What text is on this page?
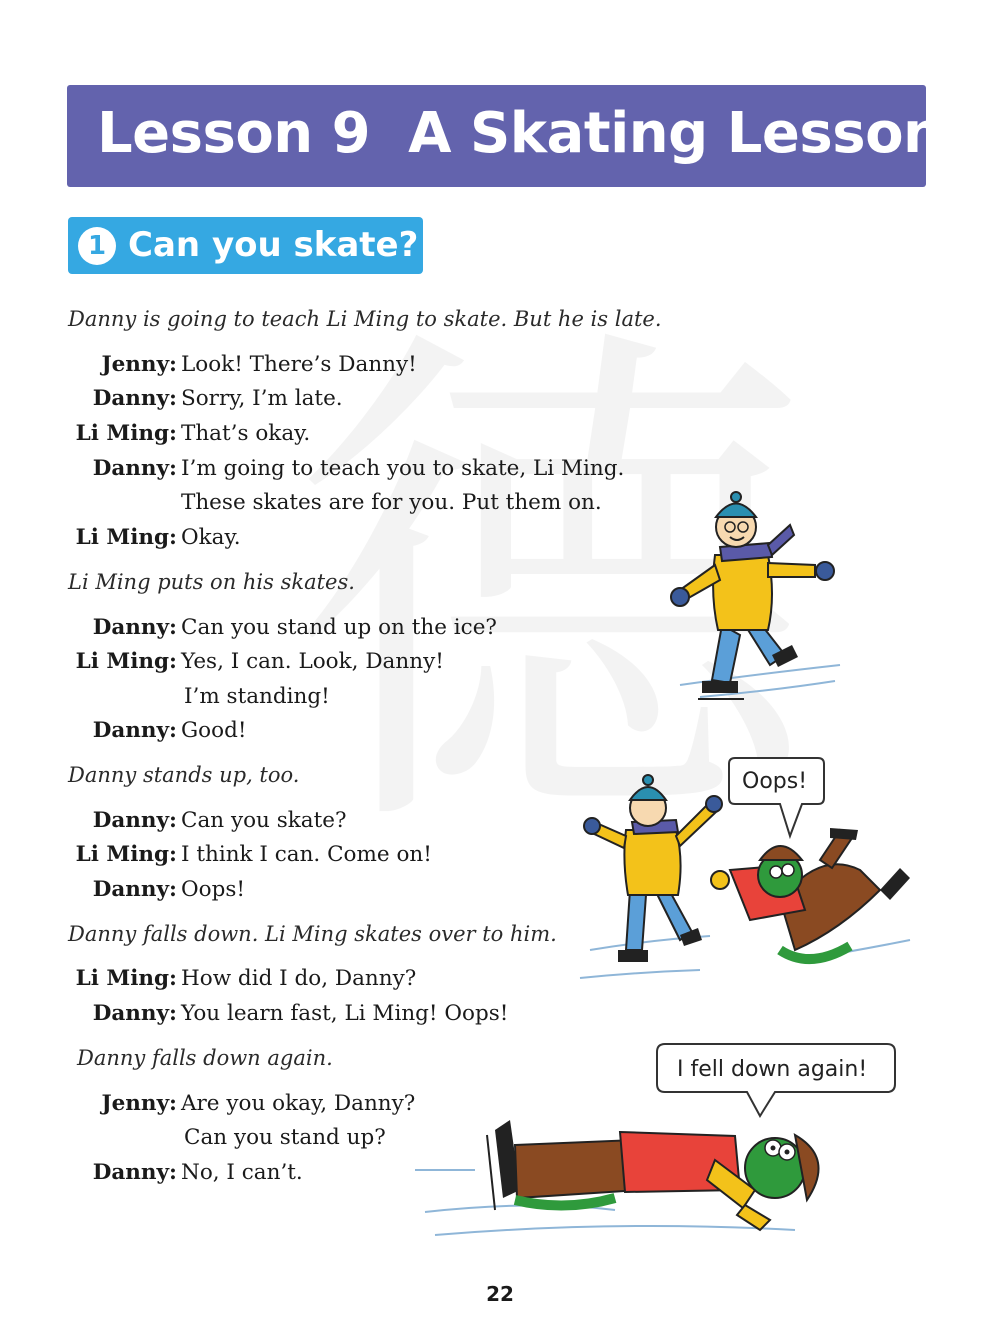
Lesson 9  A Skating Lesson
1 Can you skate?
Danny is going to teach Li Ming to skate. But he is late.
Li Ming puts on his skates.
Danny stands up, too.
Danny falls down. Li Ming skates over to him.
Danny falls down again.
Jenny: Look! There’s Danny!
Danny: Sorry, I’m late.
Li Ming: That’s okay.
Danny: I’m going to teach you to skate, Li Ming.
These skates are for you. Put them on.
Li Ming: Okay.
Danny: Can you stand up on the ice?
Li Ming: Yes, I can. Look, Danny!
I’m standing!
Danny: Good!
Danny: Can you skate?
Li Ming: I think I can. Come on!
Danny: Oops!
Li Ming: How did I do, Danny?
Danny: You learn fast, Li Ming! Oops!
Jenny: Are you okay, Danny?
Can you stand up?
Danny: No, I can’t.
Oops!
I fell down again!
22
